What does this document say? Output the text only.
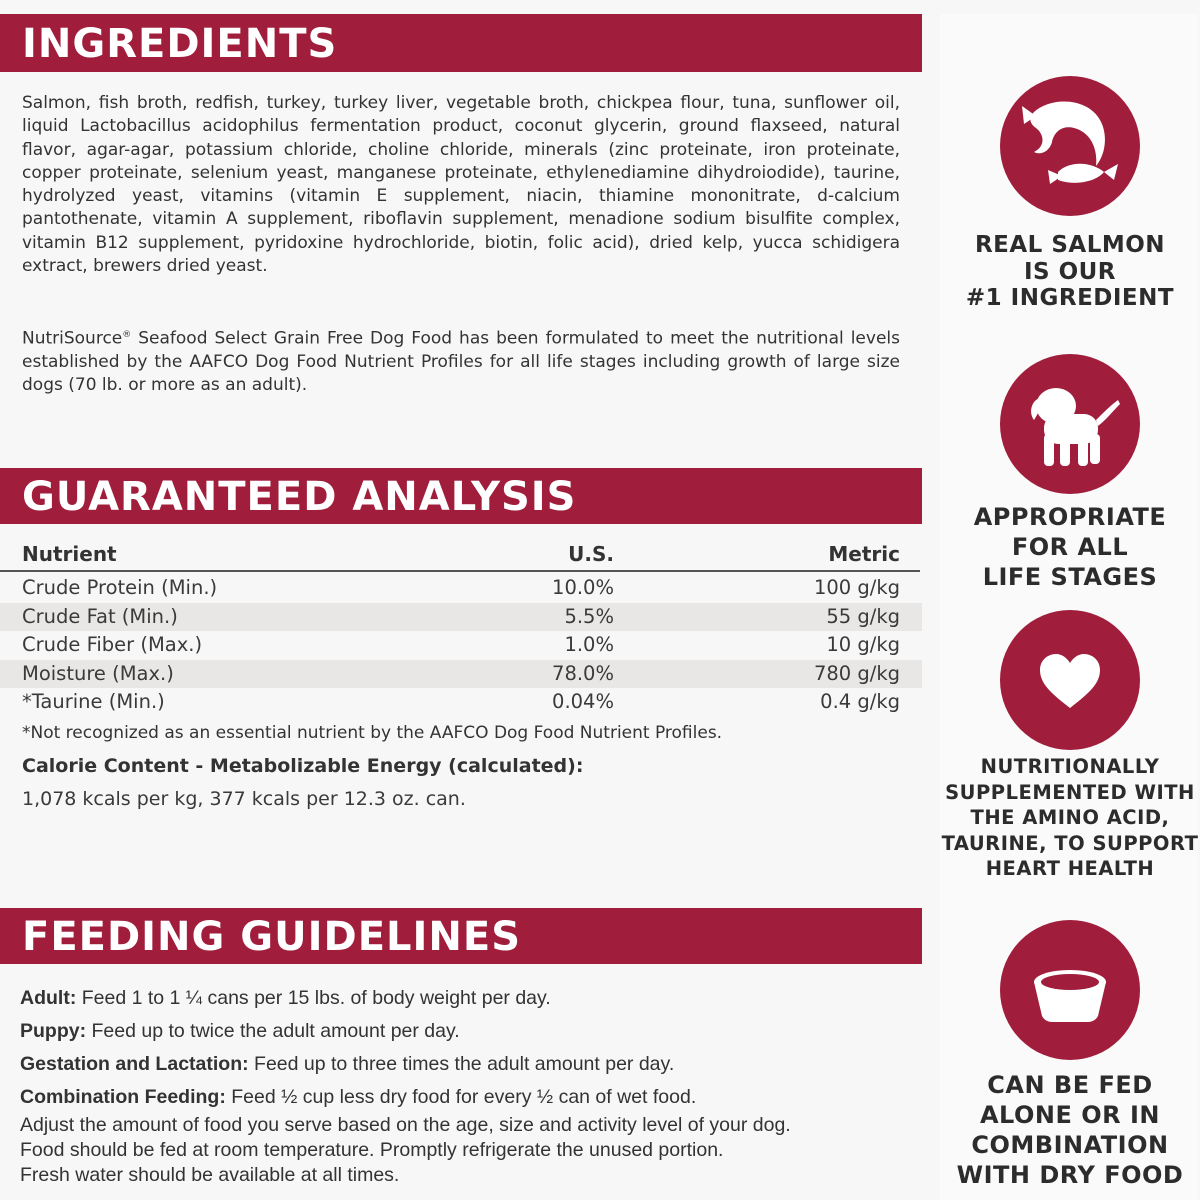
INGREDIENTS

Salmon, fish broth, redfish, turkey, turkey liver, vegetable broth, chickpea flour, tuna, sunflower oil, liquid Lactobacillus acidophilus fermentation product, coconut glycerin, ground flaxseed, natural flavor, agar-agar, potassium chloride, choline chloride, minerals (zinc proteinate, iron proteinate, copper proteinate, selenium yeast, manganese proteinate, ethylenediamine dihydroiodide), taurine, hydrolyzed yeast, vitamins (vitamin E supplement, niacin, thiamine mononitrate, d-calcium pantothenate, vitamin A supplement, riboflavin supplement, menadione sodium bisulfite complex, vitamin B12 supplement, pyridoxine hydrochloride, biotin, folic acid), dried kelp, yucca schidigera extract, brewers dried yeast.

NutriSource® Seafood Select Grain Free Dog Food has been formulated to meet the nutritional levels established by the AAFCO Dog Food Nutrient Profiles for all life stages including growth of large size dogs (70 lb. or more as an adult).

GUARANTEED ANALYSIS
Nutrient	U.S.	Metric
Crude Protein (Min.)	10.0%	100 g/kg
Crude Fat (Min.)	5.5%	55 g/kg
Crude Fiber (Max.)	1.0%	10 g/kg
Moisture (Max.)	78.0%	780 g/kg
*Taurine (Min.)	0.04%	0.4 g/kg
*Not recognized as an essential nutrient by the AAFCO Dog Food Nutrient Profiles.
Calorie Content - Metabolizable Energy (calculated):
1,078 kcals per kg, 377 kcals per 12.3 oz. can.
FEEDING GUIDELINES
Adult: Feed 1 to 1 ¼ cans per 15 lbs. of body weight per day.
Puppy: Feed up to twice the adult amount per day.
Gestation and Lactation: Feed up to three times the adult amount per day.
Combination Feeding: Feed ½ cup less dry food for every ½ can of wet food.
Adjust the amount of food you serve based on the age, size and activity level of your dog.
Food should be fed at room temperature. Promptly refrigerate the unused portion.
Fresh water should be available at all times.
REAL SALMON
IS OUR
#1 INGREDIENT
APPROPRIATE
FOR ALL
LIFE STAGES
NUTRITIONALLY
SUPPLEMENTED WITH
THE AMINO ACID,
TAURINE, TO SUPPORT
HEART HEALTH
CAN BE FED
ALONE OR IN
COMBINATION
WITH DRY FOOD
